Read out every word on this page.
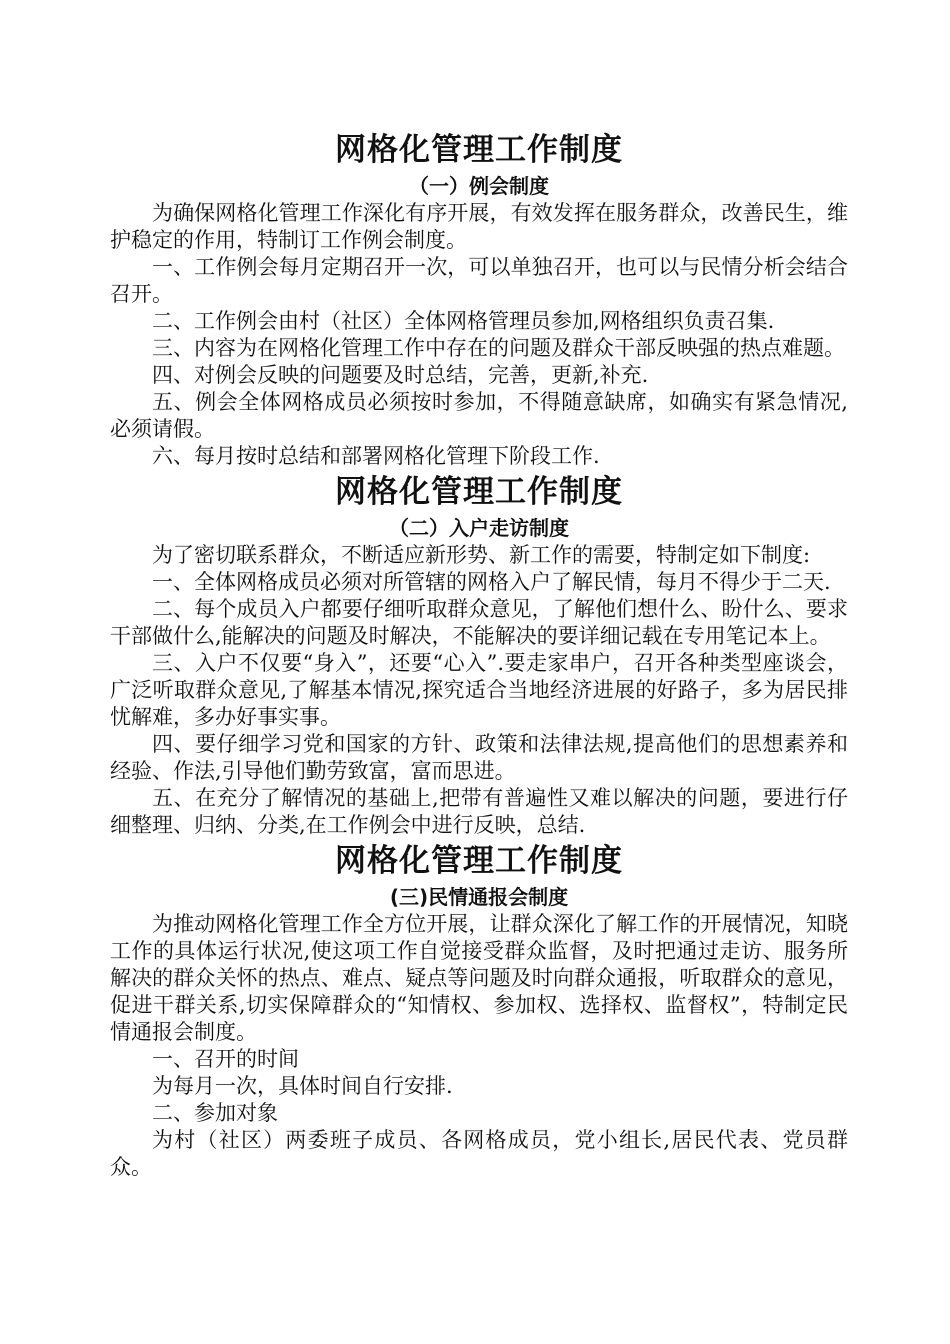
网格化管理工作制度
（一）例会制度

为确保网格化管理工作深化有序开展，有效发挥在服务群众，改善民生，维护稳定的作用，特制订工作例会制度。

一、工作例会每月定期召开一次，可以单独召开，也可以与民情分析会结合召开。

二、工作例会由村（社区）全体网格管理员参加,网格组织负责召集.

三、内容为在网格化管理工作中存在的问题及群众干部反映强的热点难题。

四、对例会反映的问题要及时总结，完善，更新,补充.

五、例会全体网格成员必须按时参加，不得随意缺席，如确实有紧急情况,必须请假。

六、每月按时总结和部署网格化管理下阶段工作.

网格化管理工作制度
（二）入户走访制度

为了密切联系群众，不断适应新形势、新工作的需要，特制定如下制度:

一、全体网格成员必须对所管辖的网格入户了解民情，每月不得少于二天.

二、每个成员入户都要仔细听取群众意见，了解他们想什么、盼什么、要求干部做什么,能解决的问题及时解决，不能解决的要详细记载在专用笔记本上。

三、入户不仅要“身入”，还要“心入”.要走家串户，召开各种类型座谈会，广泛听取群众意见,了解基本情况,探究适合当地经济进展的好路子，多为居民排忧解难，多办好事实事。

四、要仔细学习党和国家的方针、政策和法律法规,提高他们的思想素养和经验、作法,引导他们勤劳致富，富而思进。

五、在充分了解情况的基础上,把带有普遍性又难以解决的问题，要进行仔细整理、归纳、分类,在工作例会中进行反映，总结.

网格化管理工作制度
(三)民情通报会制度

为推动网格化管理工作全方位开展，让群众深化了解工作的开展情况，知晓工作的具体运行状况,使这项工作自觉接受群众监督，及时把通过走访、服务所解决的群众关怀的热点、难点、疑点等问题及时向群众通报，听取群众的意见，促进干群关系,切实保障群众的“知情权、参加权、选择权、监督权”，特制定民情通报会制度。

一、召开的时间

为每月一次，具体时间自行安排.

二、参加对象

为村（社区）两委班子成员、各网格成员，党小组长,居民代表、党员群众。
